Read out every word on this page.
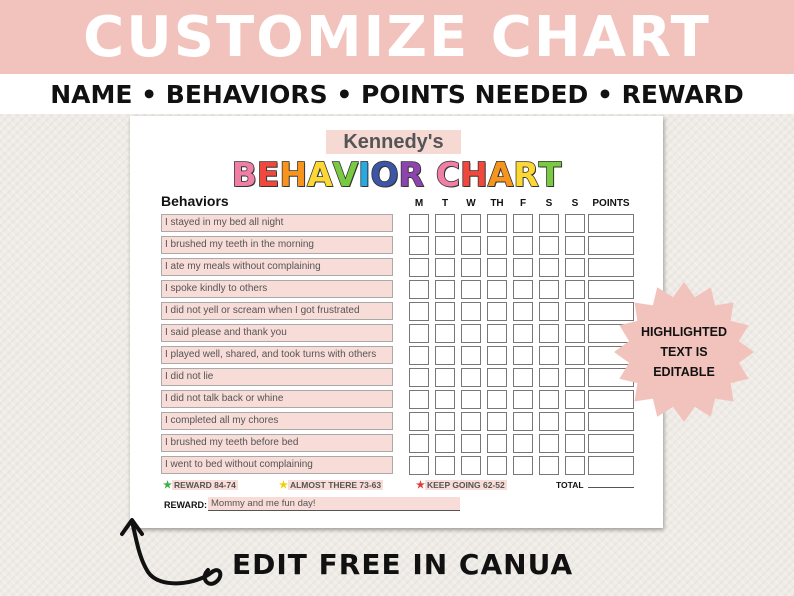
CUSTOMIZE CHART
NAME • BEHAVIORS • POINTS NEEDED • REWARD
Kennedy's
B E H A V I O R C H A R T
Behaviors	M	T	W	TH	F	S	S	POINTS
I stayed in my bed all night
I brushed my teeth in the morning
I ate my meals without complaining
I spoke kindly to others
I did not yell or scream when I got frustrated
I said please and thank you
I played well, shared, and took turns with others
I did not lie
I did not talk back or whine
I completed all my chores
I brushed my teeth before bed
I went to bed without complaining
★ REWARD 84-74	★ ALMOST THERE 73-63	★ KEEP GOING 62-52	TOTAL
REWARD: Mommy and me fun day!
HIGHLIGHTED
TEXT IS
EDITABLE
EDIT FREE IN CANUA
